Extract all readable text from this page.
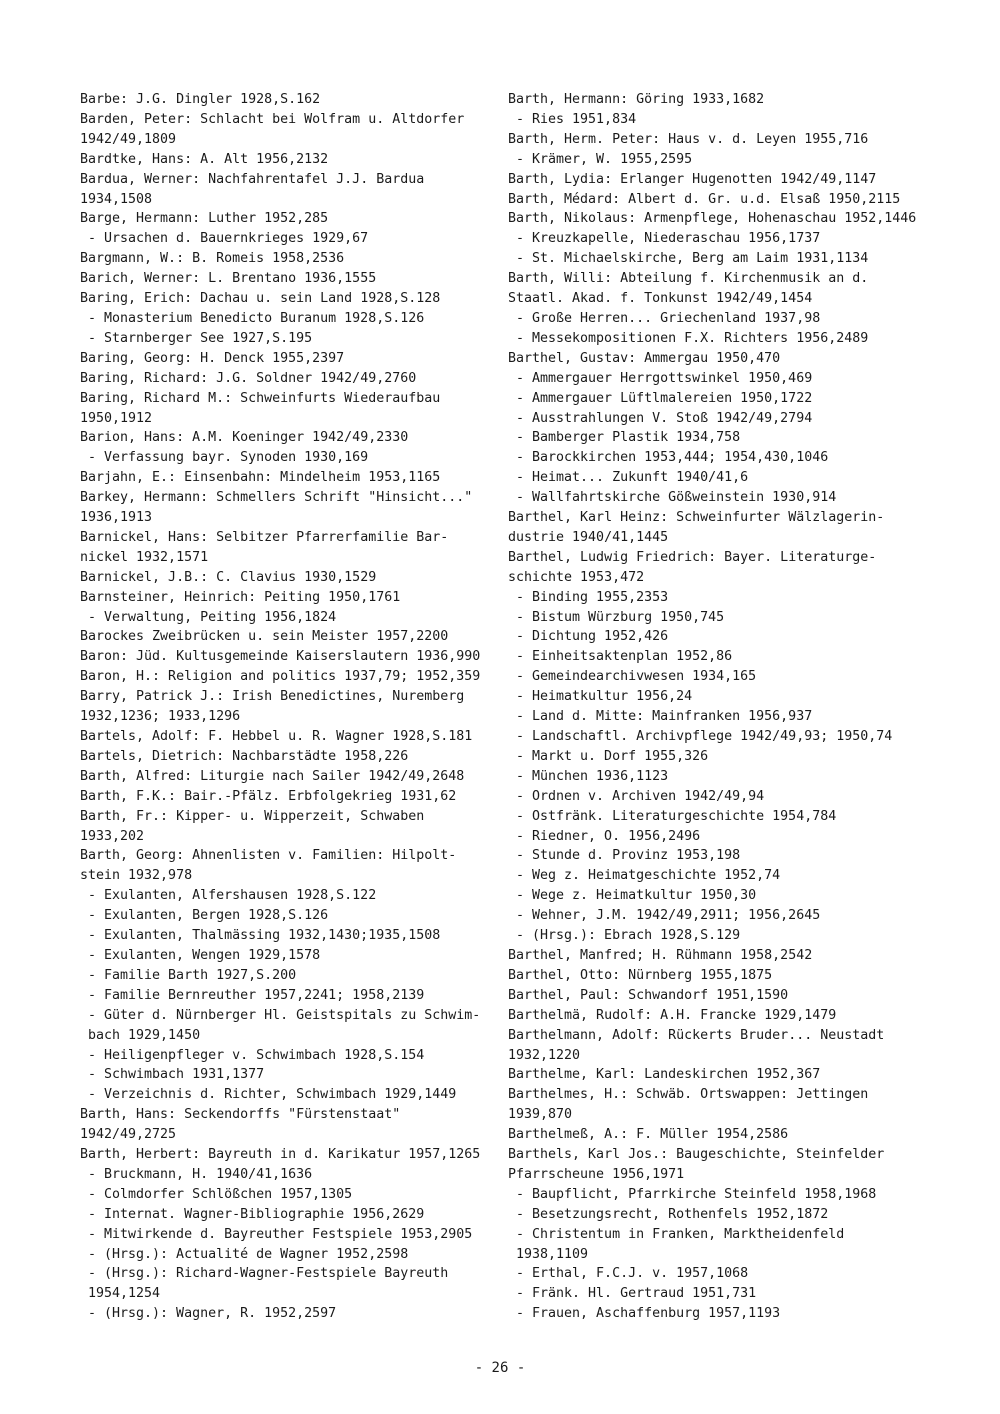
Barbe: J.G. Dingler 1928,S.162
Barden, Peter: Schlacht bei Wolfram u. Altdorfer
1942/49,1809
Bardtke, Hans: A. Alt 1956,2132
Bardua, Werner: Nachfahrentafel J.J. Bardua
1934,1508
Barge, Hermann: Luther 1952,285
- Ursachen d. Bauernkrieges 1929,67
Bargmann, W.: B. Romeis 1958,2536
Barich, Werner: L. Brentano 1936,1555
Baring, Erich: Dachau u. sein Land 1928,S.128
- Monasterium Benedicto Buranum 1928,S.126
- Starnberger See 1927,S.195
Baring, Georg: H. Denck 1955,2397
Baring, Richard: J.G. Soldner 1942/49,2760
Baring, Richard M.: Schweinfurts Wiederaufbau
1950,1912
Barion, Hans: A.M. Koeninger 1942/49,2330
- Verfassung bayr. Synoden 1930,169
Barjahn, E.: Einsenbahn: Mindelheim 1953,1165
Barkey, Hermann: Schmellers Schrift "Hinsicht..."
1936,1913
Barnickel, Hans: Selbitzer Pfarrerfamilie Bar-
nickel 1932,1571
Barnickel, J.B.: C. Clavius 1930,1529
Barnsteiner, Heinrich: Peiting 1950,1761
- Verwaltung, Peiting 1956,1824
Barockes Zweibrücken u. sein Meister 1957,2200
Baron: Jüd. Kultusgemeinde Kaiserslautern 1936,990
Baron, H.: Religion and politics 1937,79; 1952,359
Barry, Patrick J.: Irish Benedictines, Nuremberg
1932,1236; 1933,1296
Bartels, Adolf: F. Hebbel u. R. Wagner 1928,S.181
Bartels, Dietrich: Nachbarstädte 1958,226
Barth, Alfred: Liturgie nach Sailer 1942/49,2648
Barth, F.K.: Bair.-Pfälz. Erbfolgekrieg 1931,62
Barth, Fr.: Kipper- u. Wipperzeit, Schwaben
1933,202
Barth, Georg: Ahnenlisten v. Familien: Hilpolt-
stein 1932,978
- Exulanten, Alfershausen 1928,S.122
- Exulanten, Bergen 1928,S.126
- Exulanten, Thalmässing 1932,1430;1935,1508
- Exulanten, Wengen 1929,1578
- Familie Barth 1927,S.200
- Familie Bernreuther 1957,2241; 1958,2139
- Güter d. Nürnberger Hl. Geistspitals zu Schwim-
bach 1929,1450
- Heiligenpfleger v. Schwimbach 1928,S.154
- Schwimbach 1931,1377
- Verzeichnis d. Richter, Schwimbach 1929,1449
Barth, Hans: Seckendorffs "Fürstenstaat"
1942/49,2725
Barth, Herbert: Bayreuth in d. Karikatur 1957,1265
- Bruckmann, H. 1940/41,1636
- Colmdorfer Schlößchen 1957,1305
- Internat. Wagner-Bibliographie 1956,2629
- Mitwirkende d. Bayreuther Festspiele 1953,2905
- (Hrsg.): Actualité de Wagner 1952,2598
- (Hrsg.): Richard-Wagner-Festspiele Bayreuth
1954,1254
- (Hrsg.): Wagner, R. 1952,2597
Barth, Hermann: Göring 1933,1682
- Ries 1951,834
Barth, Herm. Peter: Haus v. d. Leyen 1955,716
- Krämer, W. 1955,2595
Barth, Lydia: Erlanger Hugenotten 1942/49,1147
Barth, Médard: Albert d. Gr. u.d. Elsaß 1950,2115
Barth, Nikolaus: Armenpflege, Hohenaschau 1952,1446
- Kreuzkapelle, Niederaschau 1956,1737
- St. Michaelskirche, Berg am Laim 1931,1134
Barth, Willi: Abteilung f. Kirchenmusik an d.
Staatl. Akad. f. Tonkunst 1942/49,1454
- Große Herren... Griechenland 1937,98
- Messekompositionen F.X. Richters 1956,2489
Barthel, Gustav: Ammergau 1950,470
- Ammergauer Herrgottswinkel 1950,469
- Ammergauer Lüftlmalereien 1950,1722
- Ausstrahlungen V. Stoß 1942/49,2794
- Bamberger Plastik 1934,758
- Barockkirchen 1953,444; 1954,430,1046
- Heimat... Zukunft 1940/41,6
- Wallfahrtskirche Gößweinstein 1930,914
Barthel, Karl Heinz: Schweinfurter Wälzlagerin-
dustrie 1940/41,1445
Barthel, Ludwig Friedrich: Bayer. Literaturge-
schichte 1953,472
- Binding 1955,2353
- Bistum Würzburg 1950,745
- Dichtung 1952,426
- Einheitsaktenplan 1952,86
- Gemeindearchivwesen 1934,165
- Heimatkultur 1956,24
- Land d. Mitte: Mainfranken 1956,937
- Landschaftl. Archivpflege 1942/49,93; 1950,74
- Markt u. Dorf 1955,326
- München 1936,1123
- Ordnen v. Archiven 1942/49,94
- Ostfränk. Literaturgeschichte 1954,784
- Riedner, O. 1956,2496
- Stunde d. Provinz 1953,198
- Weg z. Heimatgeschichte 1952,74
- Wege z. Heimatkultur 1950,30
- Wehner, J.M. 1942/49,2911; 1956,2645
- (Hrsg.): Ebrach 1928,S.129
Barthel, Manfred; H. Rühmann 1958,2542
Barthel, Otto: Nürnberg 1955,1875
Barthel, Paul: Schwandorf 1951,1590
Barthelmä, Rudolf: A.H. Francke 1929,1479
Barthelmann, Adolf: Rückerts Bruder... Neustadt
1932,1220
Barthelme, Karl: Landeskirchen 1952,367
Barthelmes, H.: Schwäb. Ortswappen: Jettingen
1939,870
Barthelmeß, A.: F. Müller 1954,2586
Barthels, Karl Jos.: Baugeschichte, Steinfelder
Pfarrscheune 1956,1971
- Baupflicht, Pfarrkirche Steinfeld 1958,1968
- Besetzungsrecht, Rothenfels 1952,1872
- Christentum in Franken, Marktheidenfeld
1938,1109
- Erthal, F.C.J. v. 1957,1068
- Fränk. Hl. Gertraud 1951,731
- Frauen, Aschaffenburg 1957,1193
- 26 -
